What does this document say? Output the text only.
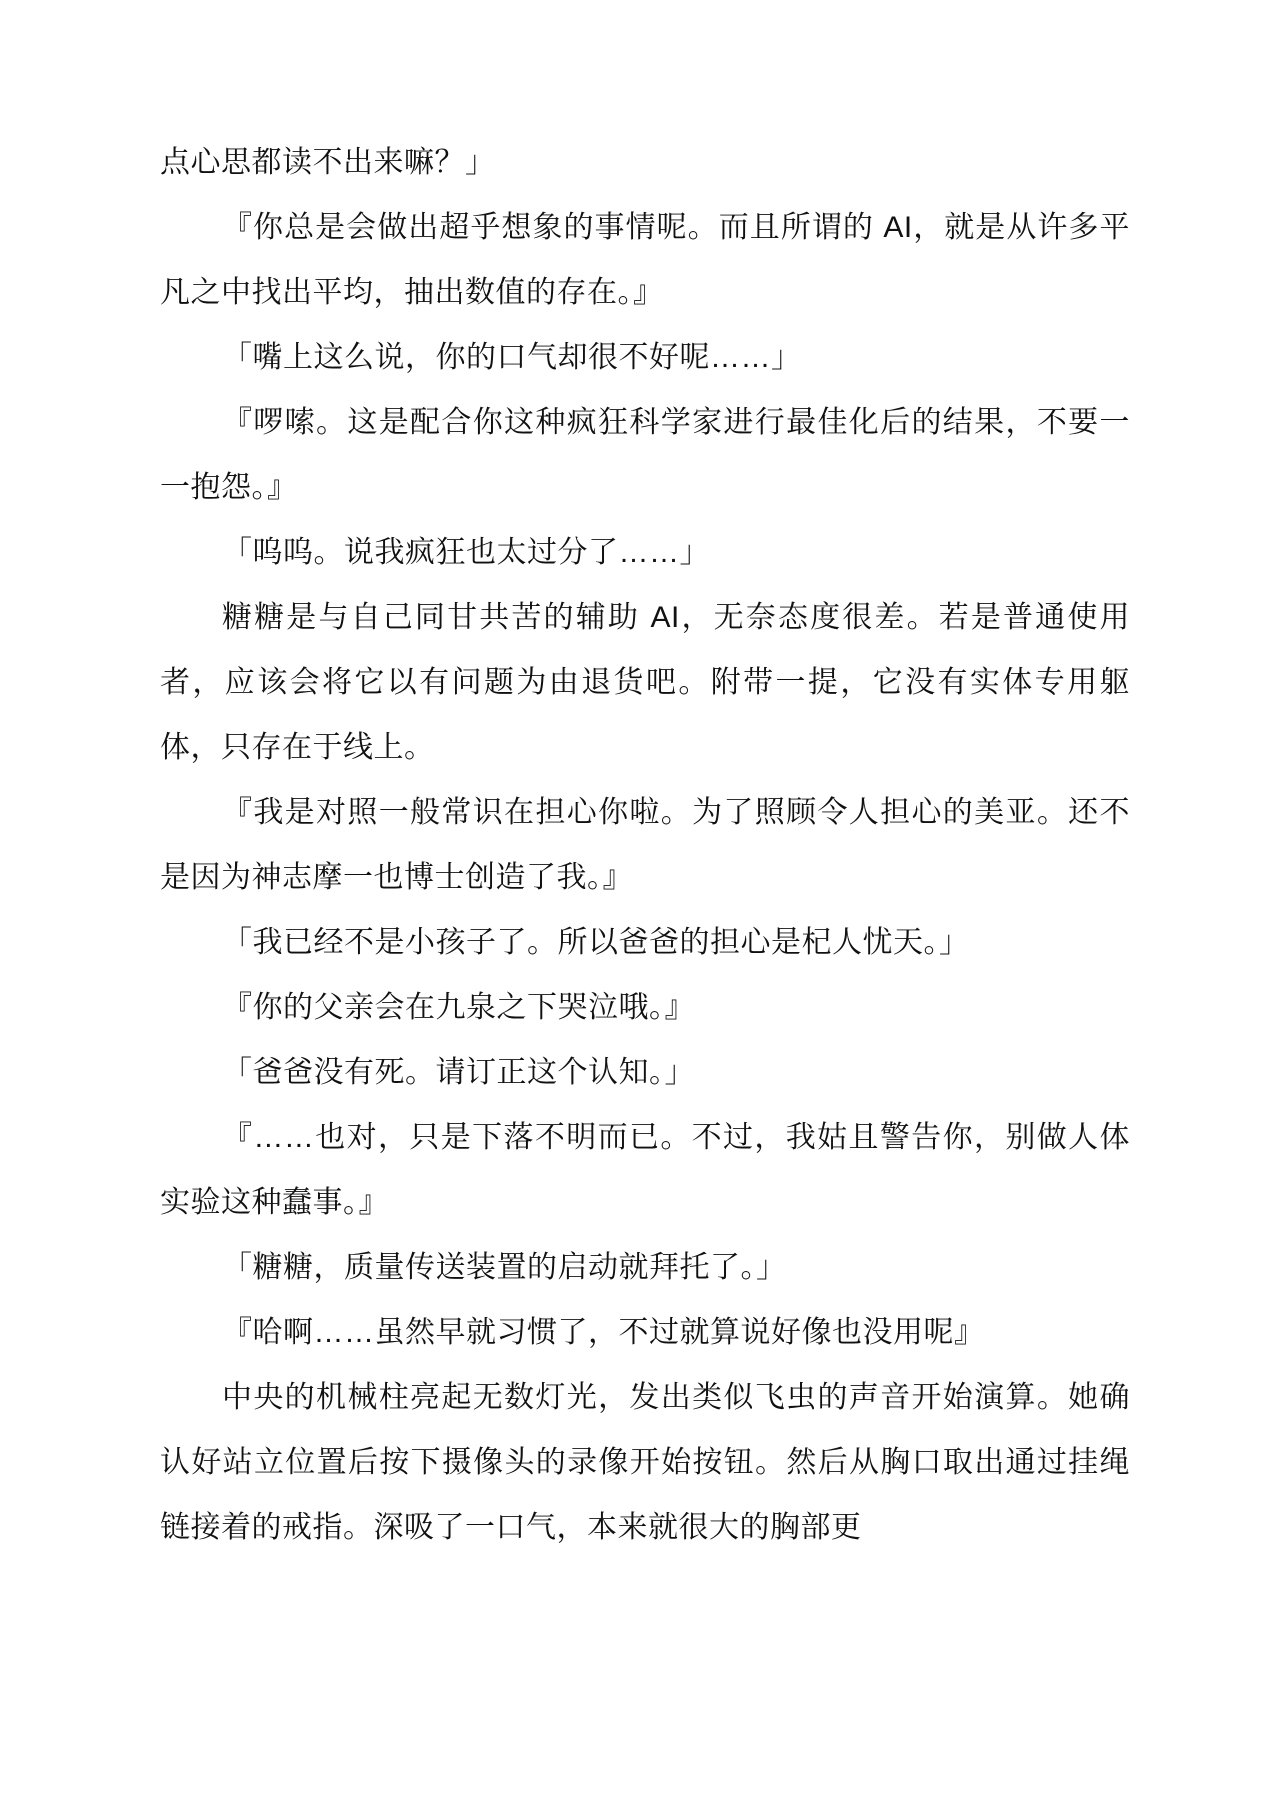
点心思都读不出来嘛？」

『你总是会做出超乎想象的事情呢。而且所谓的 AI，就是从许多平凡之中找出平均，抽出数值的存在。』

「嘴上这么说，你的口气却很不好呢……」

『啰嗦。这是配合你这种疯狂科学家进行最佳化后的结果，不要一一抱怨。』

「呜呜。说我疯狂也太过分了……」

糖糖是与自己同甘共苦的辅助 AI，无奈态度很差。若是普通使用者，应该会将它以有问题为由退货吧。附带一提，它没有实体专用躯体，只存在于线上。

『我是对照一般常识在担心你啦。为了照顾令人担心的美亚。还不是因为神志摩一也博士创造了我。』

「我已经不是小孩子了。所以爸爸的担心是杞人忧天。」

『你的父亲会在九泉之下哭泣哦。』

「爸爸没有死。请订正这个认知。」

『……也对，只是下落不明而已。不过，我姑且警告你，别做人体实验这种蠢事。』

「糖糖，质量传送装置的启动就拜托了。」

『哈啊……虽然早就习惯了，不过就算说好像也没用呢』

中央的机械柱亮起无数灯光，发出类似飞虫的声音开始演算。她确认好站立位置后按下摄像头的录像开始按钮。然后从胸口取出通过挂绳链接着的戒指。深吸了一口气，本来就很大的胸部更
